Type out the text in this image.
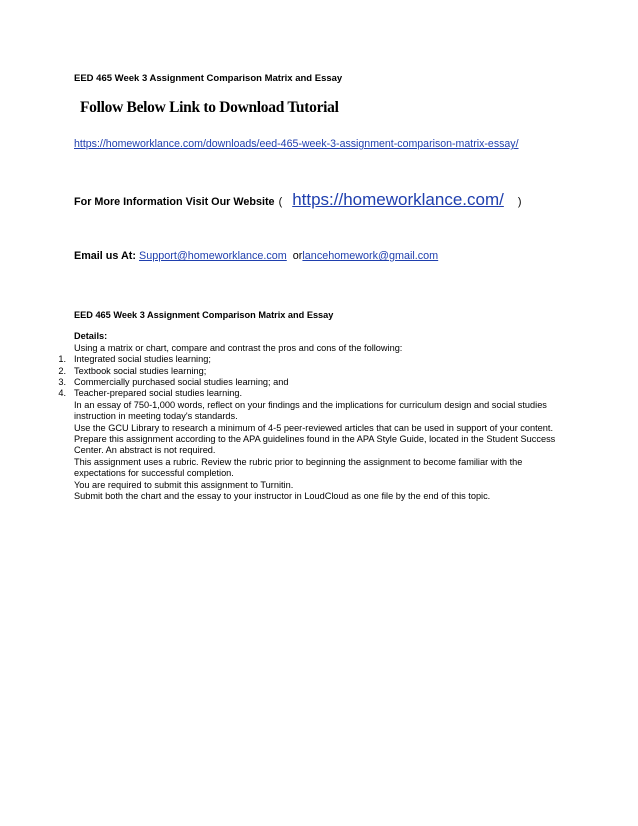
EED 465 Week 3 Assignment Comparison Matrix and Essay
Follow Below Link to Download Tutorial
https://homeworklance.com/downloads/eed-465-week-3-assignment-comparison-matrix-essay/
For More Information Visit Our Website ( https://homeworklance.com/ )
Email us At: Support@homeworklance.com orlancehomework@gmail.com
EED 465 Week 3 Assignment Comparison Matrix and Essay
Details:
Using a matrix or chart, compare and contrast the pros and cons of the following:
1. Integrated social studies learning;
2. Textbook social studies learning;
3. Commercially purchased social studies learning; and
4. Teacher-prepared social studies learning.
In an essay of 750-1,000 words, reflect on your findings and the implications for curriculum design and social studies instruction in meeting today's standards.
Use the GCU Library to research a minimum of 4-5 peer-reviewed articles that can be used in support of your content.
Prepare this assignment according to the APA guidelines found in the APA Style Guide, located in the Student Success Center. An abstract is not required.
This assignment uses a rubric. Review the rubric prior to beginning the assignment to become familiar with the expectations for successful completion.
You are required to submit this assignment to Turnitin.
Submit both the chart and the essay to your instructor in LoudCloud as one file by the end of this topic.
